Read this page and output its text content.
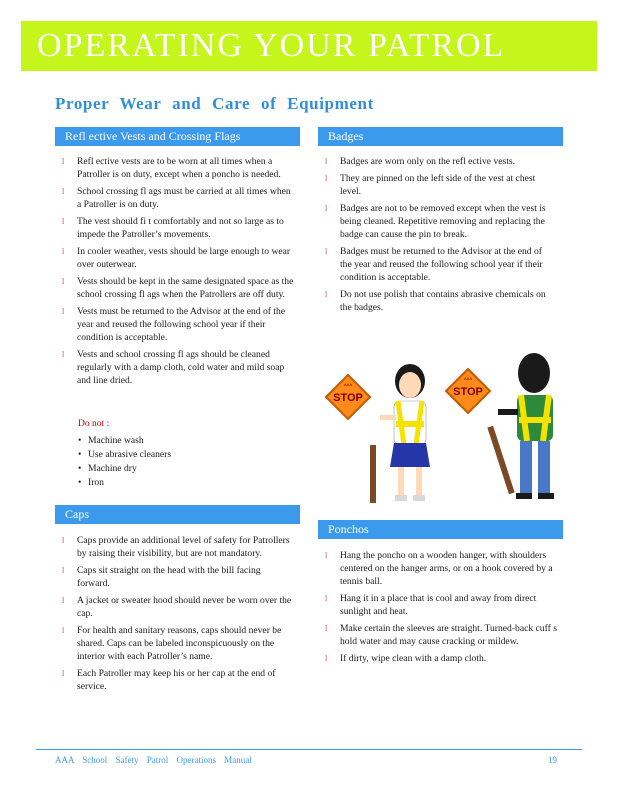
OPERATING YOUR PATROL
Proper Wear and Care of Equipment
Refl ective Vests and Crossing Flags
l Refl ective vests are to be worn at all times when a Patroller is on duty, except when a poncho is needed.
l School crossing fl ags must be carried at all times when a Patroller is on duty.
l The vest should fi t comfortably and not so large as to impede the Patroller’s movements.
l In cooler weather, vests should be large enough to wear over outerwear.
l Vests should be kept in the same designated space as the school crossing fl ags when the Patrollers are off duty.
l Vests must be returned to the Advisor at the end of the year and reused the following school year if their condition is acceptable.
l Vests and school crossing fl ags should be cleaned regularly with a damp cloth, cold water and mild soap and line dried.
Do not :
• Machine wash
• Use abrasive cleaners
• Machine dry
• Iron
Badges
l Badges are worn only on the refl ective vests.
l They are pinned on the left side of the vest at chest level.
l Badges are not to be removed except when the vest is being cleaned. Repetitive removing and replacing the badge can cause the pin to break.
l Badges must be returned to the Advisor at the end of the year and reused the following school year if their condition is acceptable.
l Do not use polish that contains abrasive chemicals on the badges.
Caps
l Caps provide an additional level of safety for Patrollers by raising their visibility, but are not mandatory.
l Caps sit straight on the head with the bill facing forward.
l A jacket or sweater hood should never be worn over the cap.
l For health and sanitary reasons, caps should never be shared. Caps can be labeled inconspicuously on the interior with each Patroller’s name.
l Each Patroller may keep his or her cap at the end of service.
Ponchos
l Hang the poncho on a wooden hanger, with shoulders centered on the hanger arms, or on a hook covered by a tennis ball.
l Hang it in a place that is cool and away from direct sunlight and heat.
l Make certain the sleeves are straight. Turned-back cuff s hold water and may cause cracking or mildew.
l If dirty, wipe clean with a damp cloth.
STOP
AAA
STOP
AAA
AAA School Safety Patrol Operations Manual	19
